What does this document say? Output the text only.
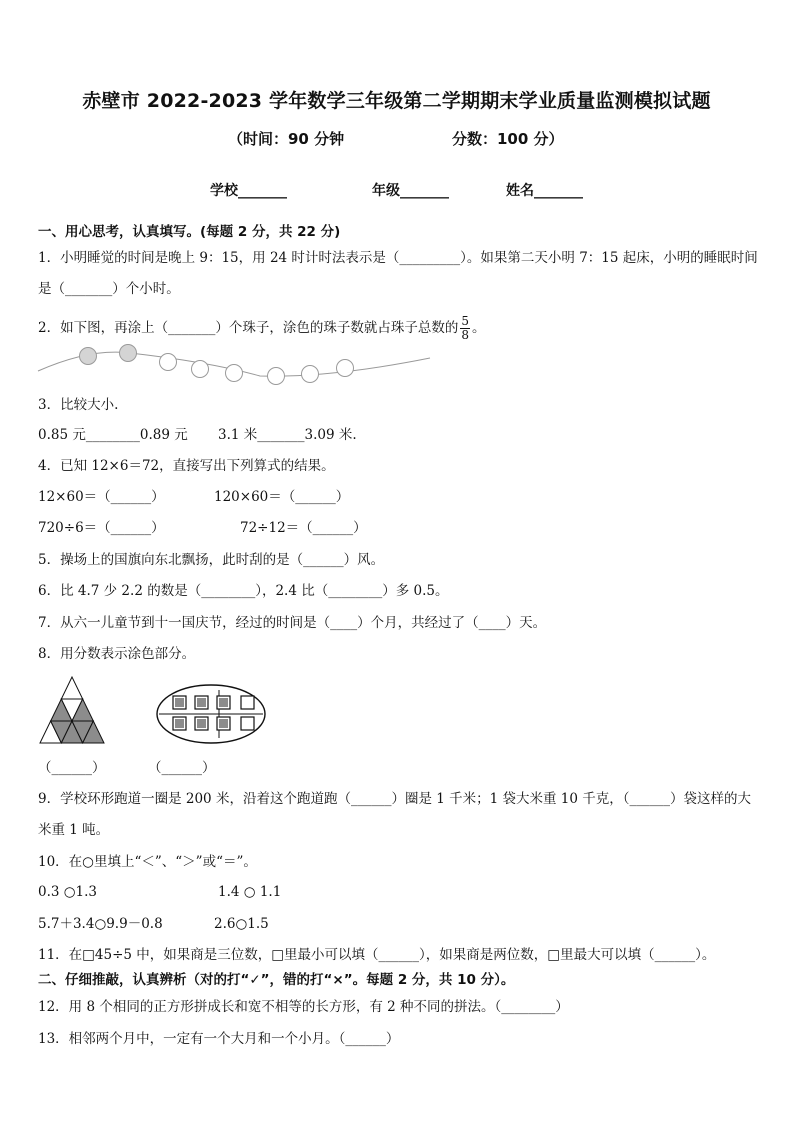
赤壁市 2022-2023 学年数学三年级第二学期期末学业质量监测模拟试题
（时间：90 分钟	分数：100 分）
学校_______	年级_______	姓名_______
一、用心思考，认真填写。(每题 2 分，共 22 分)
1．小明睡觉的时间是晚上 9：15，用 24 时计时法表示是（_________）。如果第二天小明 7：15 起床，小明的睡眠时间
是（_______）个小时。
2．如下图，再涂上（_______）个珠子，涂色的珠子数就占珠子总数的 $\frac{5}{8}$ 。
3．比较大小.
0.85 元________0.89 元 3.1 米_______3.09 米.
4．已知 12×6＝72，直接写出下列算式的结果。
12×60＝（______）	120×60＝（______）
720÷6＝（______）	72÷12＝（______）
5．操场上的国旗向东北飘扬，此时刮的是（______）风。
6．比 4.7 少 2.2 的数是（________），2.4 比（________）多 0.5。
7．从六一儿童节到十一国庆节，经过的时间是（____）个月，共经过了（____）天。
8．用分数表示涂色部分。
（______）	（______）
9．学校环形跑道一圈是 200 米，沿着这个跑道跑（______）圈是 1 千米；1 袋大米重 10 千克，（______）袋这样的大
米重 1 吨。
10．在○里填上“＜”、“＞”或“＝”。
0.3 ○1.3	1.4 ○ 1.1
5.7＋3.4○9.9－0.8	2.6○1.5
11．在□45÷5 中，如果商是三位数，□里最小可以填（______），如果商是两位数，□里最大可以填（______）。
二、仔细推敲，认真辨析（对的打“✓”，错的打“×”。每题 2 分，共 10 分）。
12．用 8 个相同的正方形拼成长和宽不相等的长方形，有 2 种不同的拼法。（________）
13．相邻两个月中，一定有一个大月和一个小月。（______）
